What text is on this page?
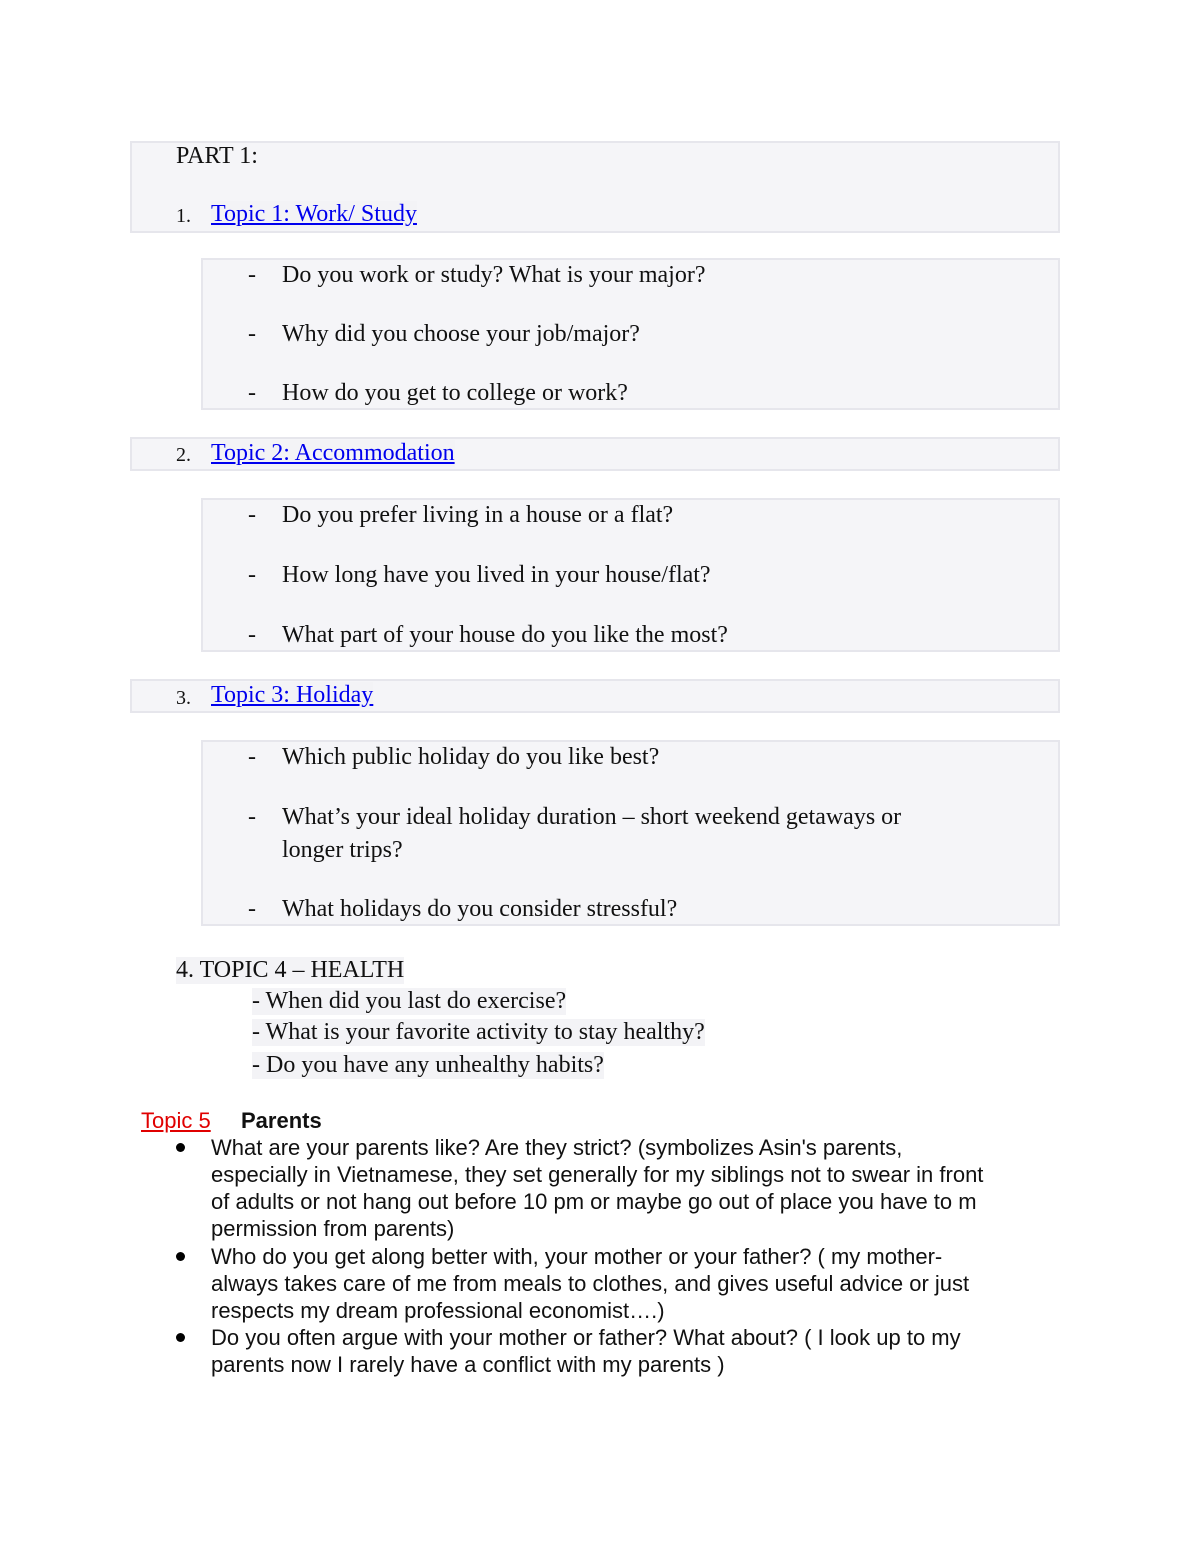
PART 1:
1. Topic 1: Work/ Study
- Do you work or study? What is your major?
- Why did you choose your job/major?
- How do you get to college or work?
2. Topic 2: Accommodation
- Do you prefer living in a house or a flat?
- How long have you lived in your house/flat?
- What part of your house do you like the most?
3. Topic 3: Holiday
- Which public holiday do you like best?
- What’s your ideal holiday duration – short weekend getaways or
longer trips?
- What holidays do you consider stressful?
4. TOPIC 4 – HEALTH
- When did you last do exercise?
- What is your favorite activity to stay healthy?
- Do you have any unhealthy habits?
Topic 5 Parents
What are your parents like? Are they strict? (symbolizes Asin's parents,
especially in Vietnamese, they set generally for my siblings not to swear in front
of adults or not hang out before 10 pm or maybe go out of place you have to m
permission from parents)
Who do you get along better with, your mother or your father? ( my mother-
always takes care of me from meals to clothes, and gives useful advice or just
respects my dream professional economist….)
Do you often argue with your mother or father? What about? ( I look up to my
parents now I rarely have a conflict with my parents )
